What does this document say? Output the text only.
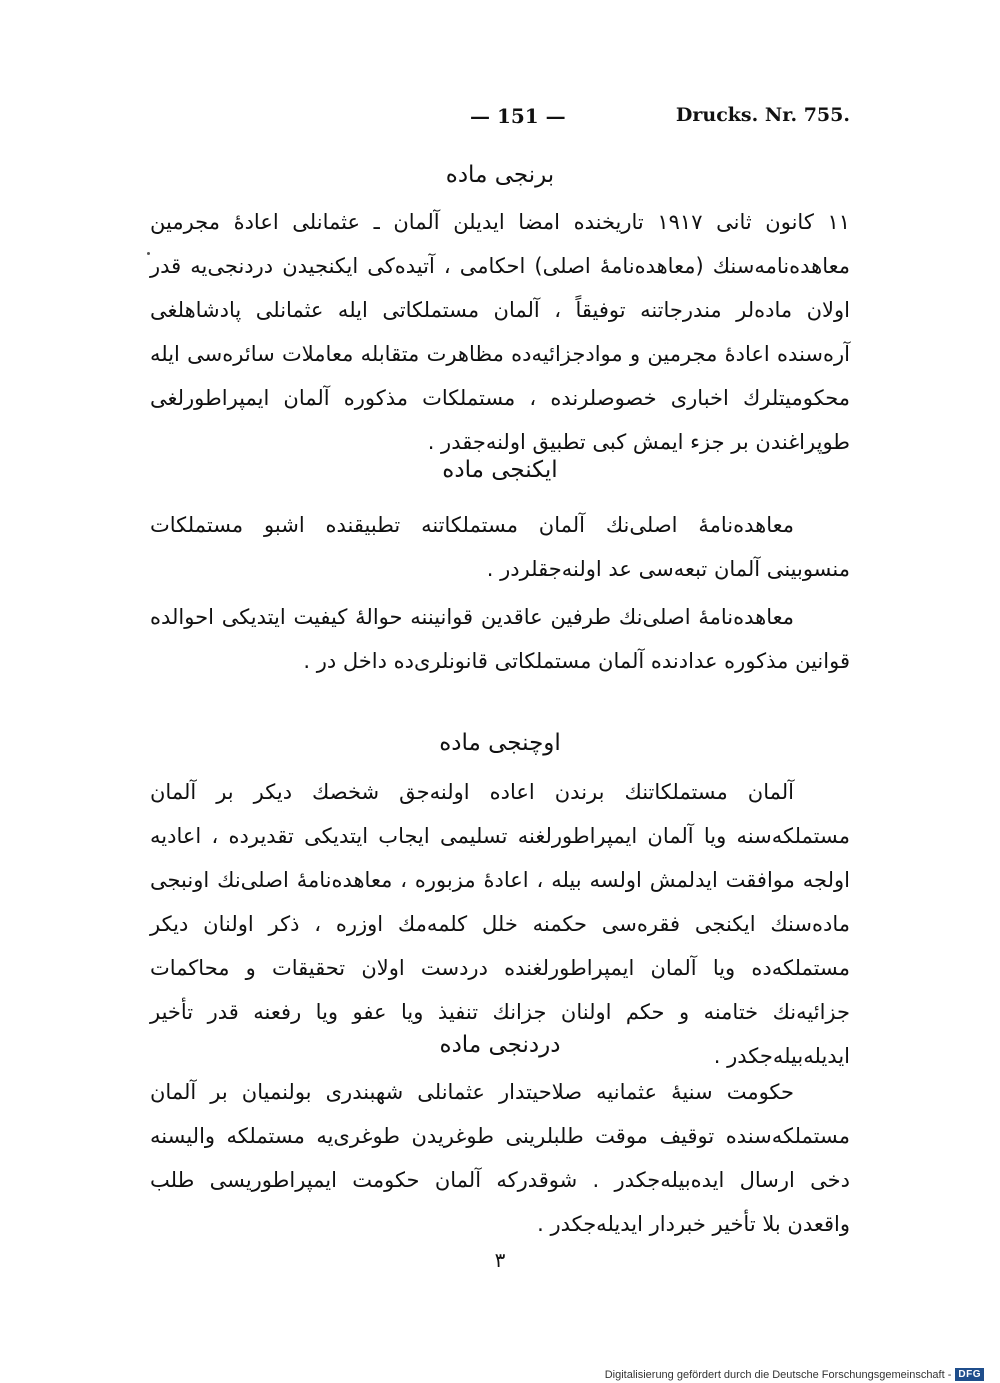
— 151 —	Drucks. Nr. 755.
برنجی ماده

١١ كانون ثانی ١٩١٧ تاریخنده امضا ایدیلن آلمان ـ عثمانلی اعادهٔ مجرمین معاهده‌نامه‌سنك (معاهده‌نامهٔ اصلی) احكامی ، آتیده‌كی ایكنجیدن دردنجی‌یه قدر اولان ماده‌لر مندرجاتنه توفیقاً ، آلمان مستملكاتی ایله عثمانلی پادشاهلغی آره‌سنده اعادهٔ مجرمین و موادجزائیه‌ده مظاهرت متقابله معاملات سائره‌سی ایله محكومیتلرك اخباری خصوصلرنده ، مستملكات مذكوره آلمان ایمپراطورلغی طوپراغندن بر جزء ایمش كبی تطبیق اولنه‌جقدر .

ایكنجی ماده

معاهده‌نامهٔ اصلی‌نك آلمان مستملكاتنه تطبیقنده اشبو مستملكات منسوبینی آلمان تبعه‌سی عد اولنه‌جقلردر .

معاهده‌نامهٔ اصلی‌نك طرفین عاقدین قوانیننه حوالهٔ كیفیت ایتدیكی احوالده قوانین مذكوره عدادنده آلمان مستملكاتی قانونلری‌ده داخل در .

اوچنجی ماده

آلمان مستملكاتنك برندن اعاده اولنه‌جق شخصك دیكر بر آلمان مستملكه‌سنه ویا آلمان ایمپراطورلغنه تسلیمی ایجاب ایتدیكی تقدیرده ، اعادیه اولجه موافقت ایدلمش اولسه بیله ، اعادهٔ مزبوره ، معاهده‌نامهٔ اصلی‌نك اونبجی ماده‌سنك ایكنجی فقره‌سی حكمنه خلل كلمه‌مك اوزره ، ذكر اولنان دیكر مستملكه‌ده ویا آلمان ایمپراطورلغنده دردست اولان تحقیقات و محاكمات جزائیه‌نك ختامنه و حكم اولنان جزانك تنفیذ ویا عفو ویا رفعنه قدر تأخیر ایدیله‌بیله‌جكدر .

دردنجی ماده

حكومت سنیهٔ عثمانیه صلاحیتدار عثمانلی شهبندری بولنمیان بر آلمان مستملكه‌سنده توقیف موقت طلبلرینی طوغریدن طوغری‌یه مستملكه والیسنه دخی ارسال ایده‌بیله‌جكدر . شوقدركه آلمان حكومت ایمپراطوریسی طلب واقعدن بلا تأخیر خبردار ایدیله‌جكدر .

٣
Digitalisierung gefördert durch die Deutsche Forschungsgemeinschaft - DFG
